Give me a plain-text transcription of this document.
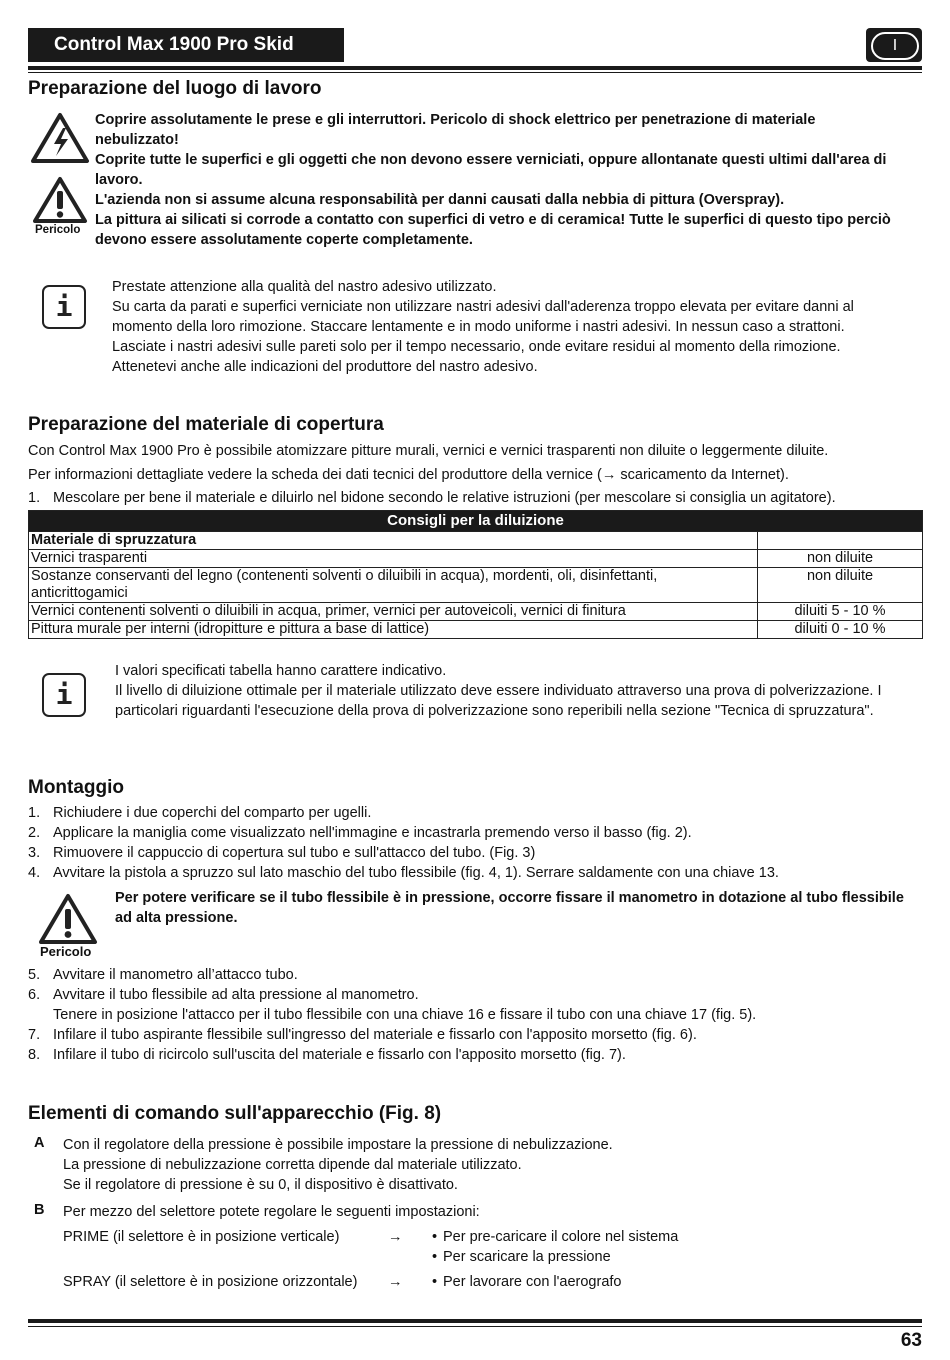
Control Max 1900 Pro Skid	I
Preparazione del luogo di lavoro
Pericolo
Coprire assolutamente le prese e gli interruttori. Pericolo di shock elettrico per penetrazione di materiale nebulizzato!
Coprite tutte le superfici e gli oggetti che non devono essere verniciati, oppure allontanate questi ultimi dall'area di lavoro.
L'azienda non si assume alcuna responsabilità per danni causati dalla nebbia di pittura (Overspray).
La pittura ai silicati si corrode a contatto con superfici di vetro e di ceramica! Tutte le superfici di questo tipo perciò devono essere assolutamente coperte completamente.
i
Prestate attenzione alla qualità del nastro adesivo utilizzato.
Su carta da parati e superfici verniciate non utilizzare nastri adesivi dall'aderenza troppo elevata per evitare danni al momento della loro rimozione. Staccare lentamente e in modo uniforme i nastri adesivi. In nessun caso a strattoni.
Lasciate i nastri adesivi sulle pareti solo per il tempo necessario, onde evitare residui al momento della rimozione.
Attenetevi anche alle indicazioni del produttore del nastro adesivo.
Preparazione del materiale di copertura
Con Control Max 1900 Pro è possibile atomizzare pitture murali, vernici e vernici trasparenti non diluite o leggermente diluite.
Per informazioni dettagliate vedere la scheda dei dati tecnici del produttore della vernice (→ scaricamento da Internet).
1. Mescolare per bene il materiale e diluirlo nel bidone secondo le relative istruzioni (per mescolare si consiglia un agitatore).
Consigli per la diluizione	
Materiale di spruzzatura	
Vernici trasparenti	non diluite
Sostanze conservanti del legno (contenenti solventi o diluibili in acqua), mordenti, oli, disinfettanti, anticrittogamici	non diluite
Vernici contenenti solventi o diluibili in acqua, primer, vernici per autoveicoli, vernici di finitura	diluiti 5 - 10 %
Pittura murale per interni (idropitture e pittura a base di lattice)	diluiti 0 - 10 %
i
I valori specificati tabella hanno carattere indicativo.
Il livello di diluizione ottimale per il materiale utilizzato deve essere individuato attraverso una prova di polverizzazione. I particolari riguardanti l'esecuzione della prova di polverizzazione sono reperibili nella sezione "Tecnica di spruzzatura".
Montaggio
1. Richiudere i due coperchi del comparto per ugelli.
2. Applicare la maniglia come visualizzato nell'immagine e incastrarla premendo verso il basso (fig. 2).
3. Rimuovere il cappuccio di copertura sul tubo e sull'attacco del tubo. (Fig. 3)
4. Avvitare la pistola a spruzzo sul lato maschio del tubo flessibile (fig. 4, 1). Serrare saldamente con una chiave 13.
Pericolo
Per potere verificare se il tubo flessibile è in pressione, occorre fissare il manometro in dotazione al tubo flessibile ad alta pressione.
5. Avvitare il manometro all’attacco tubo.
6. Avvitare il tubo flessibile ad alta pressione al manometro.
Tenere in posizione l'attacco per il tubo flessibile con una chiave 16 e fissare il tubo con una chiave 17 (fig. 5).
7. Infilare il tubo aspirante flessibile sull'ingresso del materiale e fissarlo con l'apposito morsetto (fig. 6).
8. Infilare il tubo di ricircolo sull'uscita del materiale e fissarlo con l'apposito morsetto (fig. 7).
Elementi di comando sull'apparecchio (Fig. 8)
A Con il regolatore della pressione è possibile impostare la pressione di nebulizzazione.
La pressione di nebulizzazione corretta dipende dal materiale utilizzato.
Se il regolatore di pressione è su 0, il dispositivo è disattivato.
B Per mezzo del selettore potete regolare le seguenti impostazioni:
PRIME (il selettore è in posizione verticale)	→ • Per pre-caricare il colore nel sistema
• Per scaricare la pressione
SPRAY (il selettore è in posizione orizzontale) → • Per lavorare con l'aerografo
63
